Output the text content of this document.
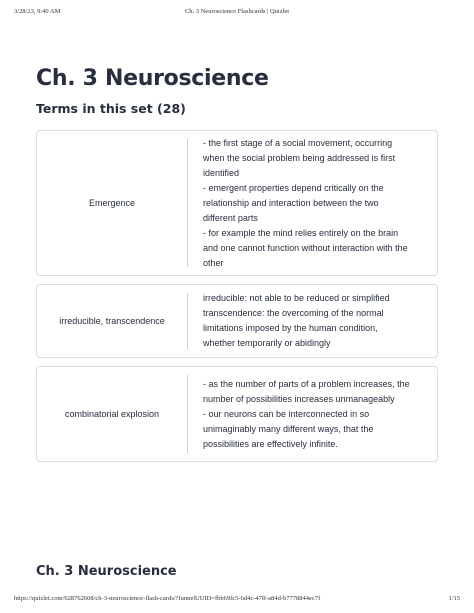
3/28/23, 9:40 AM	Ch. 3 Neuroscience Flashcards | Quizlet
Ch. 3 Neuroscience
Terms in this set (28)
Emergence
- the first stage of a social movement, occurring
when the social problem being addressed is first
identified
- emergent properties depend critically on the
relationship and interaction between the two
different parts
- for example the mind relies entirely on the brain
and one cannot function without interaction with the
other
irreducible, transcendence
irreducible: not able to be reduced or simplified
transcendence: the overcoming of the normal
limitations imposed by the human condition,
whether temporarily or abidingly
combinatorial explosion
- as the number of parts of a problem increases, the
number of possibilities increases unmanageably
- our neurons can be interconnected in so
unimaginably many different ways, that the
possibilities are effectively infinite.
Ch. 3 Neuroscience
https://quizlet.com/628762608/ch-3-neuroscience-flash-cards/?funnelUUID=fbb69fc5-6d4c-47ff-a84d-b7778844ec7f	1/15
